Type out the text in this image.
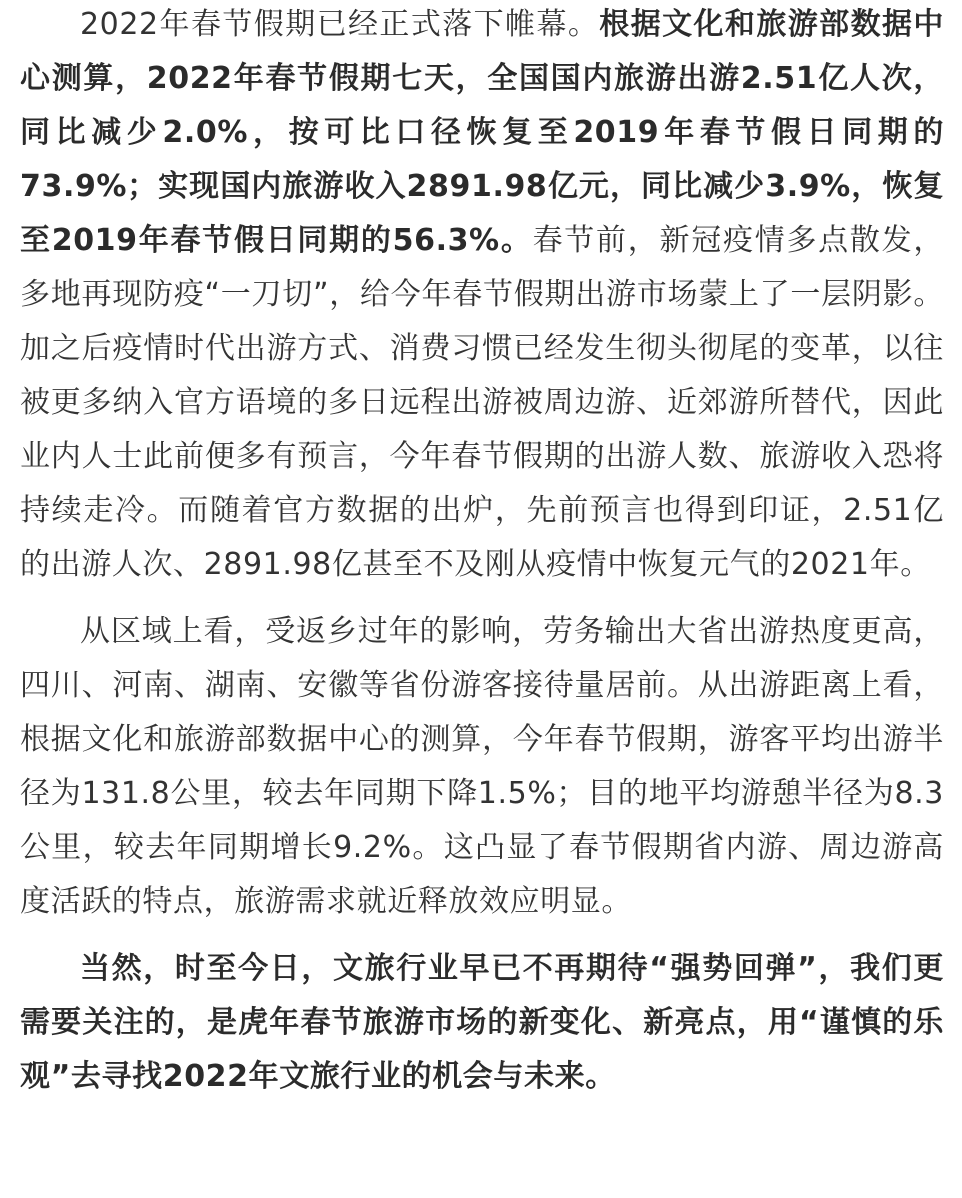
2022年春节假期已经正式落下帷幕。根据文化和旅游部数据中心测算，2022年春节假期七天，全国国内旅游出游2.51亿人次，同比减少2.0%，按可比口径恢复至2019年春节假日同期的73.9%；实现国内旅游收入2891.98亿元，同比减少3.9%，恢复至2019年春节假日同期的56.3%。春节前，新冠疫情多点散发，多地再现防疫“一刀切”，给今年春节假期出游市场蒙上了一层阴影。加之后疫情时代出游方式、消费习惯已经发生彻头彻尾的变革，以往被更多纳入官方语境的多日远程出游被周边游、近郊游所替代，因此业内人士此前便多有预言，今年春节假期的出游人数、旅游收入恐将持续走冷。而随着官方数据的出炉，先前预言也得到印证，2.51亿的出游人次、2891.98亿甚至不及刚从疫情中恢复元气的2021年。

从区域上看，受返乡过年的影响，劳务输出大省出游热度更高，四川、河南、湖南、安徽等省份游客接待量居前。从出游距离上看，根据文化和旅游部数据中心的测算，今年春节假期，游客平均出游半径为131.8公里，较去年同期下降1.5%；目的地平均游憩半径为8.3公里，较去年同期增长9.2%。这凸显了春节假期省内游、周边游高度活跃的特点，旅游需求就近释放效应明显。

当然，时至今日，文旅行业早已不再期待“强势回弹”，我们更需要关注的，是虎年春节旅游市场的新变化、新亮点，用“谨慎的乐观”去寻找2022年文旅行业的机会与未来。
